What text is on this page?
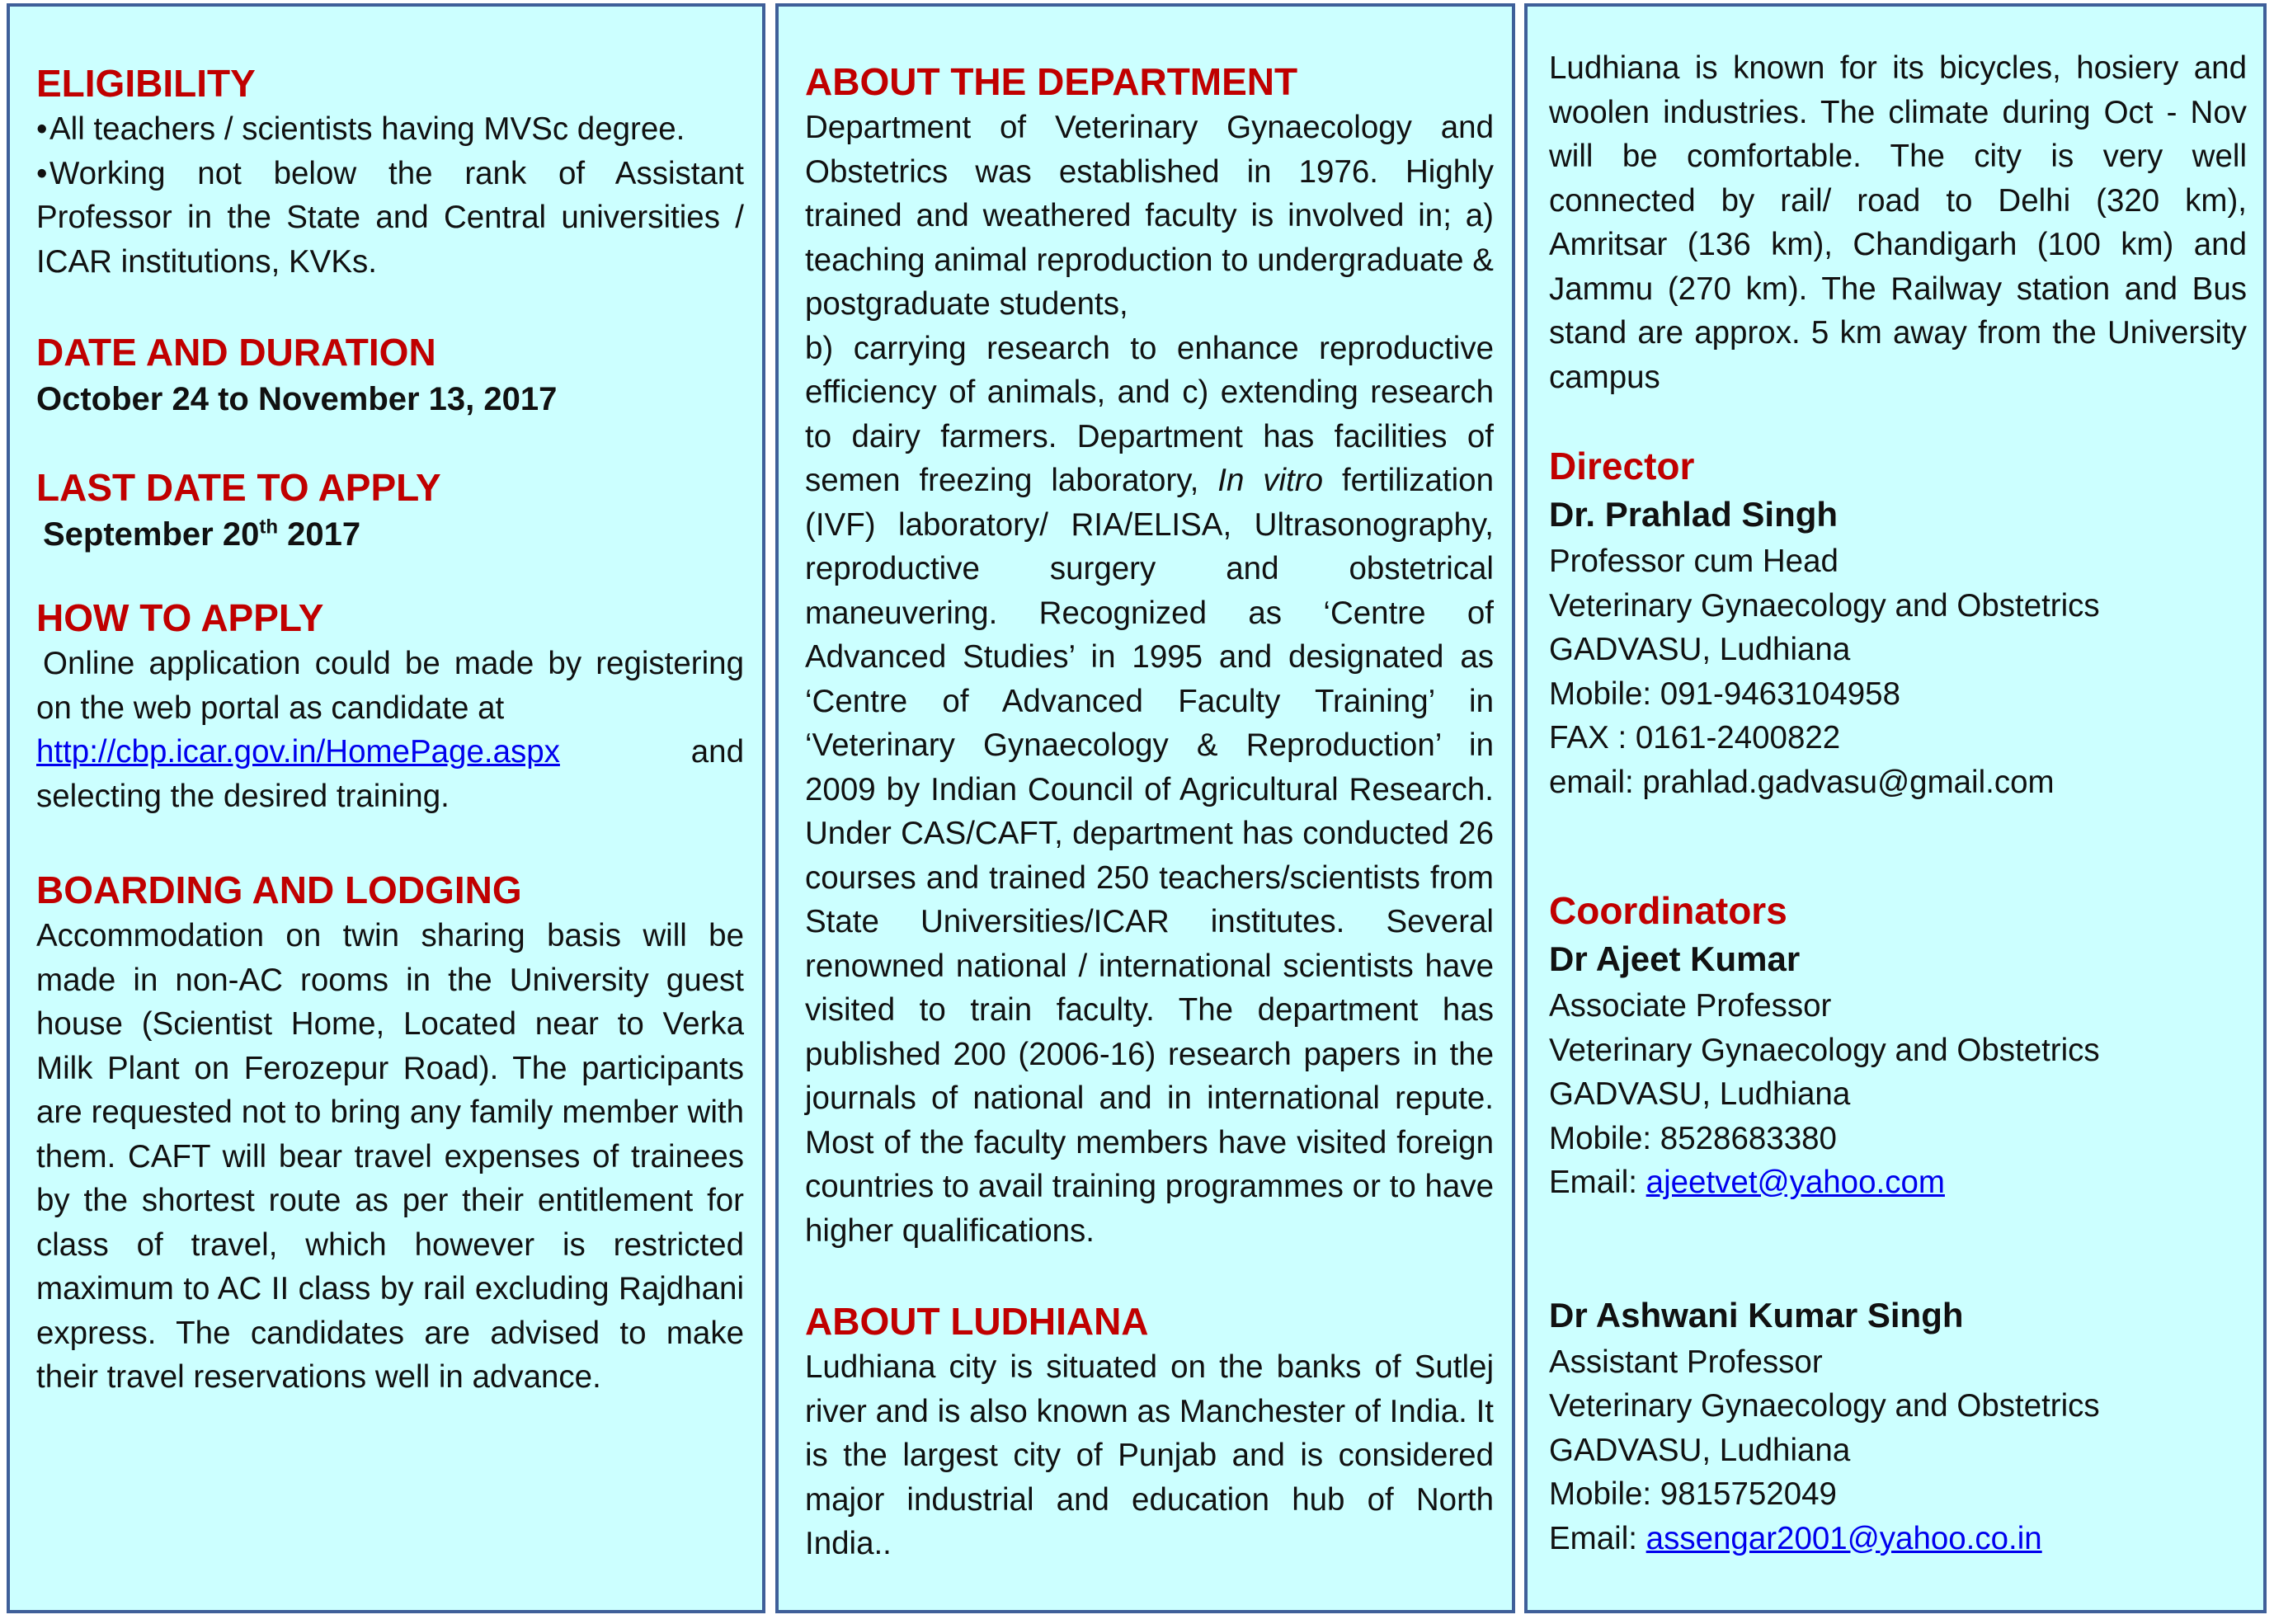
ELIGIBILITY

•All teachers / scientists having MVSc degree.

•Working not below the rank of Assistant Professor in the State and Central universities / ICAR institutions, KVKs.

DATE AND DURATION

October 24 to November 13, 2017

LAST DATE TO APPLY

September 20th 2017

HOW TO APPLY

Online application could be made by registering on the web portal as candidate at

http://cbp.icar.gov.in/HomePage.aspx	and

selecting the desired training.

BOARDING AND LODGING

Accommodation on twin sharing basis will be made in non-AC rooms in the University guest house (Scientist Home, Located near to Verka Milk Plant on Ferozepur Road). The participants are requested not to bring any family member with them. CAFT will bear travel expenses of trainees by the shortest route as per their entitlement for class of travel, which however is restricted maximum to AC II class by rail excluding Rajdhani express. The candidates are advised to make their travel reservations well in advance.

ABOUT THE DEPARTMENT

Department of Veterinary Gynaecology and Obstetrics was established in 1976. Highly trained and weathered faculty is involved in; a) teaching animal reproduction to undergraduate & postgraduate students,

b) carrying research to enhance reproductive efficiency of animals, and c) extending research to dairy farmers. Department has facilities of semen freezing laboratory, In vitro fertilization (IVF) laboratory/ RIA/ELISA, Ultrasonography, reproductive surgery and obstetrical maneuvering. Recognized as ‘Centre of Advanced Studies’ in 1995 and designated as ‘Centre of Advanced Faculty Training’ in ‘Veterinary Gynaecology & Reproduction’ in 2009 by Indian Council of Agricultural Research. Under CAS/CAFT, department has conducted 26 courses and trained 250 teachers/scientists from State Universities/ICAR institutes. Several renowned national / international scientists have visited to train faculty. The department has published 200 (2006-16) research papers in the journals of national and in international repute. Most of the faculty members have visited foreign countries to avail training programmes or to have higher qualifications.

ABOUT LUDHIANA

Ludhiana city is situated on the banks of Sutlej river and is also known as Manchester of India. It is the largest city of Punjab and is considered major industrial and education hub of North India..

Ludhiana is known for its bicycles, hosiery and woolen industries. The climate during Oct - Nov will be comfortable. The city is very well connected by rail/ road to Delhi (320 km), Amritsar (136 km), Chandigarh (100 km) and Jammu (270 km). The Railway station and Bus stand are approx. 5 km away from the University campus

Director

Dr. Prahlad Singh

Professor cum Head

Veterinary Gynaecology and Obstetrics

GADVASU, Ludhiana

Mobile: 091-9463104958

FAX : 0161-2400822

email: prahlad.gadvasu@gmail.com

Coordinators

Dr Ajeet Kumar

Associate Professor

Veterinary Gynaecology and Obstetrics

GADVASU, Ludhiana

Mobile: 8528683380

Email: ajeetvet@yahoo.com

Dr Ashwani Kumar Singh

Assistant Professor

Veterinary Gynaecology and Obstetrics

GADVASU, Ludhiana

Mobile: 9815752049

Email: assengar2001@yahoo.co.in
